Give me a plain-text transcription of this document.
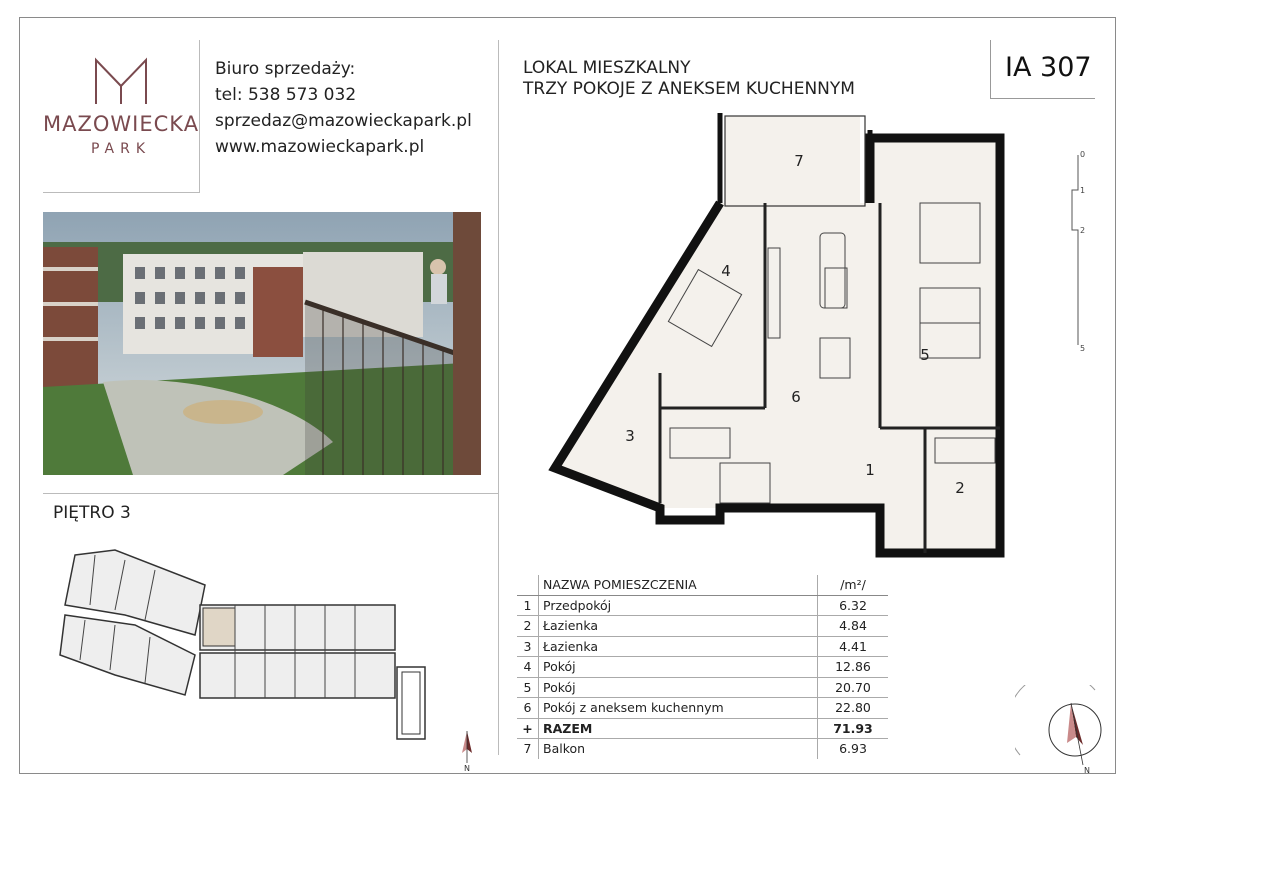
MAZOWIECKA
PARK
Biuro sprzedaży:
tel: 538 573 032
sprzedaz@mazowieckapark.pl
www.mazowieckapark.pl
PIĘTRO 3
N
LOKAL MIESZKALNY
TRZY POKOJE Z ANEKSEM KUCHENNYM
IA 307
1
2
3
4
5
6
7	0
1
2
5
	NAZWA POMIESZCZENIA	/m²/
1	Przedpokój	6.32
2	Łazienka	4.84
3	Łazienka	4.41
4	Pokój	12.86
5	Pokój	20.70
6	Pokój z aneksem kuchennym	22.80
+	RAZEM	71.93
7	Balkon	6.93
N
